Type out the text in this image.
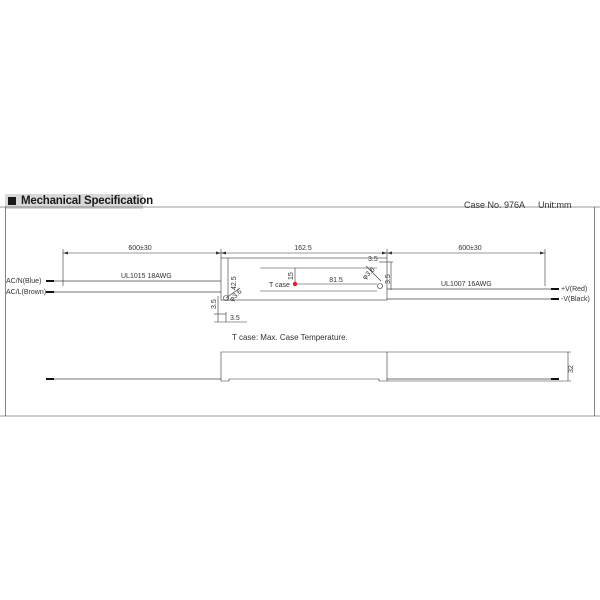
Mechanical Specification	Case No. 976A Unit:mm
600±30	162.5	600±30
3.5
3.5
φ3.6
42.5
15
81.5
3.5
3.5
φ3.6
32
UL1015 18AWG
UL1007 16AWG
AC/N(Blue)
AC/L(Brown)	+V(Red)
-V(Black)
T case
T case: Max. Case Temperature.
